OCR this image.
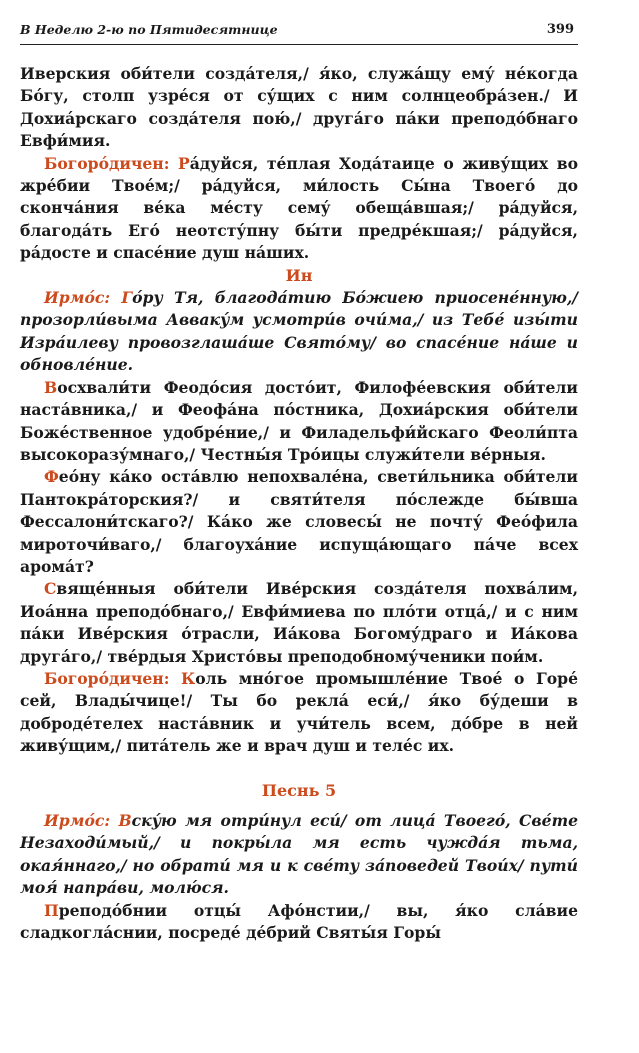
В Неделю 2-ю по Пятидесятнице	399

Иверския оби́тели созда́теля,/ я́ко, служа́щу ему́ не́когда Бо́гу, столп узре́ся от су́щих с ним солнцеобра́зен./ И Дохиа́рскаго созда́теля пою́,/ друга́го па́ки преподо́бнаго Евфи́мия.

Богоро́дичен: Ра́дуйся, те́плая Хода́таице о живу́щих во жре́бии Твое́м;/ ра́дуйся, ми́лость Сы́на Твоего́ до сконча́ния ве́ка ме́сту сему́ обеща́вшая;/ ра́дуйся, благода́ть Его́ неотсту́пну бы́ти предре́кшая;/ ра́дуйся, ра́досте и спасе́ние душ на́ших.

Ин

Ирмо́с: Го́ру Тя, благода́тию Бо́жиею приосене́нную,/ прозорли́выма Авваку́м усмотри́в очи́ма,/ из Тебе́ изы́ти Изра́илеву провозглаша́ше Свято́му/ во спасе́ние на́ше и обновле́ние.

Восхвали́ти Феодо́сия досто́ит, Филофе́евския оби́тели наста́вника,/ и Феофа́на по́стника, Дохиа́рския оби́тели Боже́ственное удобре́ние,/ и Филадельфи́йскаго Феоли́пта высокоразу́мнаго,/ Честны́я Тро́ицы служи́тели ве́рныя.

Фео́ну ка́ко оста́влю непохвале́на, свети́льника оби́тели Пантокра́торския?/ и святи́теля по́слежде бы́вша Фессалони́тскаго?/ Ка́ко же словесы́ не почту́ Фео́фила мироточи́ваго,/ благоуха́ние испуща́ющаго па́че всех арома́т?

Свяще́нныя оби́тели Иве́рския созда́теля похва́лим, Иоа́нна преподо́бнаго,/ Евфи́миева по пло́ти отца́,/ и с ним па́ки Иве́рския о́трасли, Иа́кова Богому́драго и Иа́кова друга́го,/ тве́рдыя Христо́вы преподобному́ченики пои́м.

Богоро́дичен: Коль мно́гое промышле́ние Твое́ о Горе́ сей, Влады́чице!/ Ты бо рекла́ еси́,/ я́ко бу́деши в доброде́телех наста́вник и учи́тель всем, до́бре в ней живу́щим,/ пита́тель же и врач душ и теле́с их.

Песнь 5

Ирмо́с: Вску́ю мя отри́нул еси́/ от лица́ Твоего́, Све́те Незаходи́мый,/ и покры́ла мя есть чужда́я тьма, окая́ннаго,/ но обрати́ мя и к све́ту за́поведей Твои́х/ пути́ моя́ напра́ви, молю́ся.

Преподо́бнии отцы́ Афо́нстии,/ вы, я́ко сла́вие сладкогла́снии, посреде́ де́брий Святы́я Горы́
